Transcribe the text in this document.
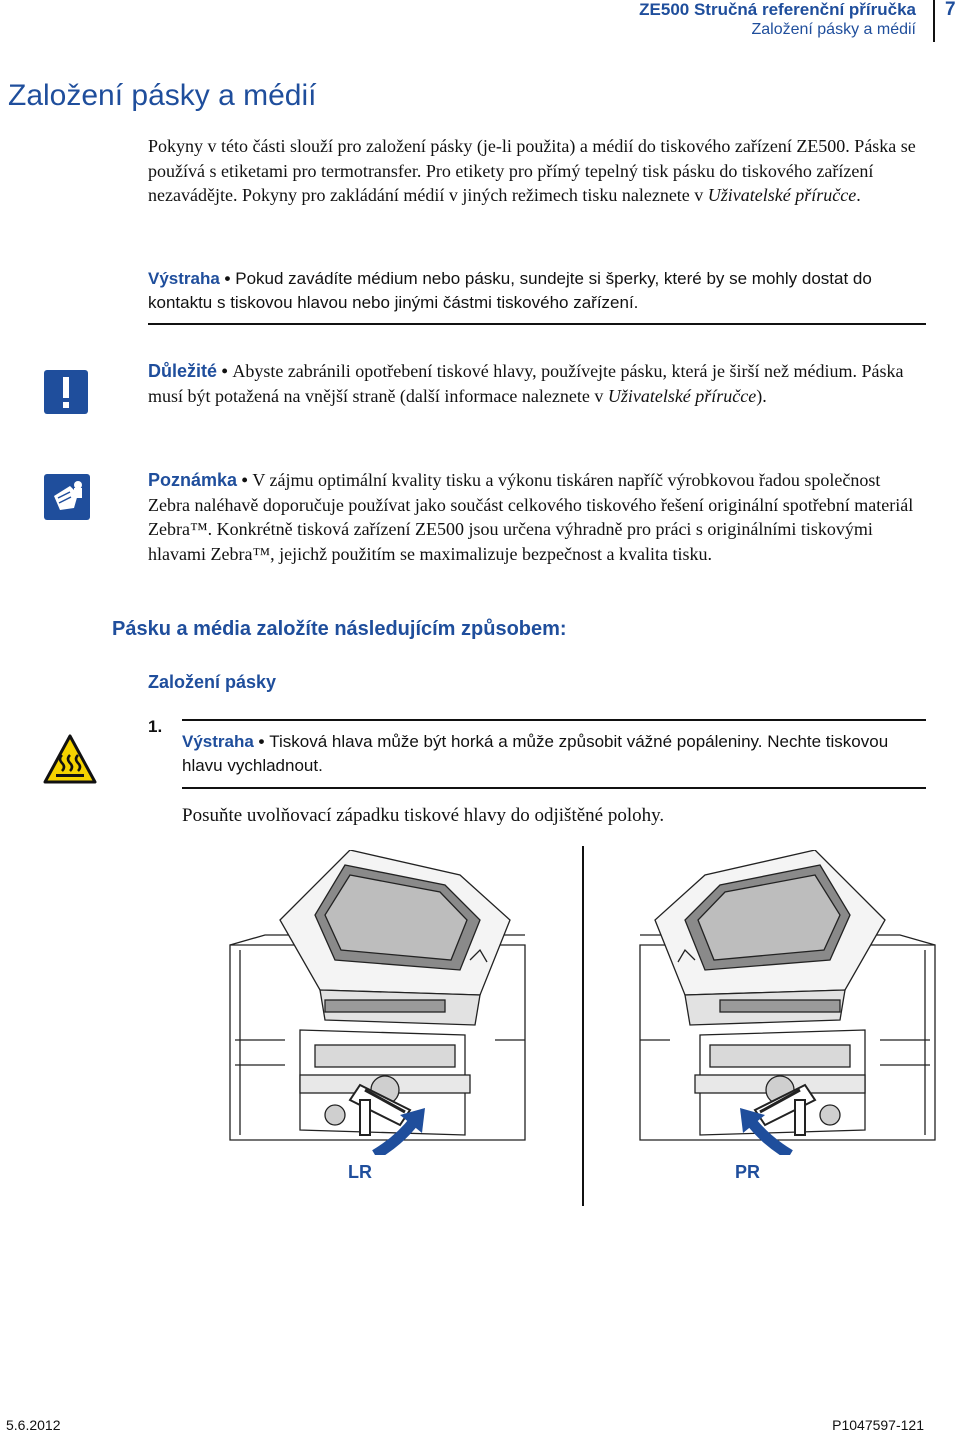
ZE500 Stručná referenční příručka
Založení pásky a médií
7
Založení pásky a médií
Pokyny v této části slouží pro založení pásky (je-li použita) a médií do tiskového zařízení ZE500. Páska se používá s etiketami pro termotransfer. Pro etikety pro přímý tepelný tisk pásku do tiskového zařízení nezavádějte. Pokyny pro zakládání médií v jiných režimech tisku naleznete v Uživatelské příručce.
Výstraha • Pokud zavádíte médium nebo pásku, sundejte si šperky, které by se mohly dostat do kontaktu s tiskovou hlavou nebo jinými částmi tiskového zařízení.
Důležité • Abyste zabránili opotřebení tiskové hlavy, používejte pásku, která je širší než médium. Páska musí být potažená na vnější straně (další informace naleznete v Uživatelské příručce).
Poznámka • V zájmu optimální kvality tisku a výkonu tiskáren napříč výrobkovou řadou společnost Zebra naléhavě doporučuje používat jako součást celkového tiskového řešení originální spotřební materiál Zebra™. Konkrétně tisková zařízení ZE500 jsou určena výhradně pro práci s originálními tiskovými hlavami Zebra™, jejichž použitím se maximalizuje bezpečnost a kvalita tisku.
Pásku a média založíte následujícím způsobem:
Založení pásky
1.
Výstraha • Tisková hlava může být horká a může způsobit vážné popáleniny. Nechte tiskovou hlavu vychladnout.
Posuňte uvolňovací západku tiskové hlavy do odjištěné polohy.
LR	PR
5.6.2012	P1047597-121
